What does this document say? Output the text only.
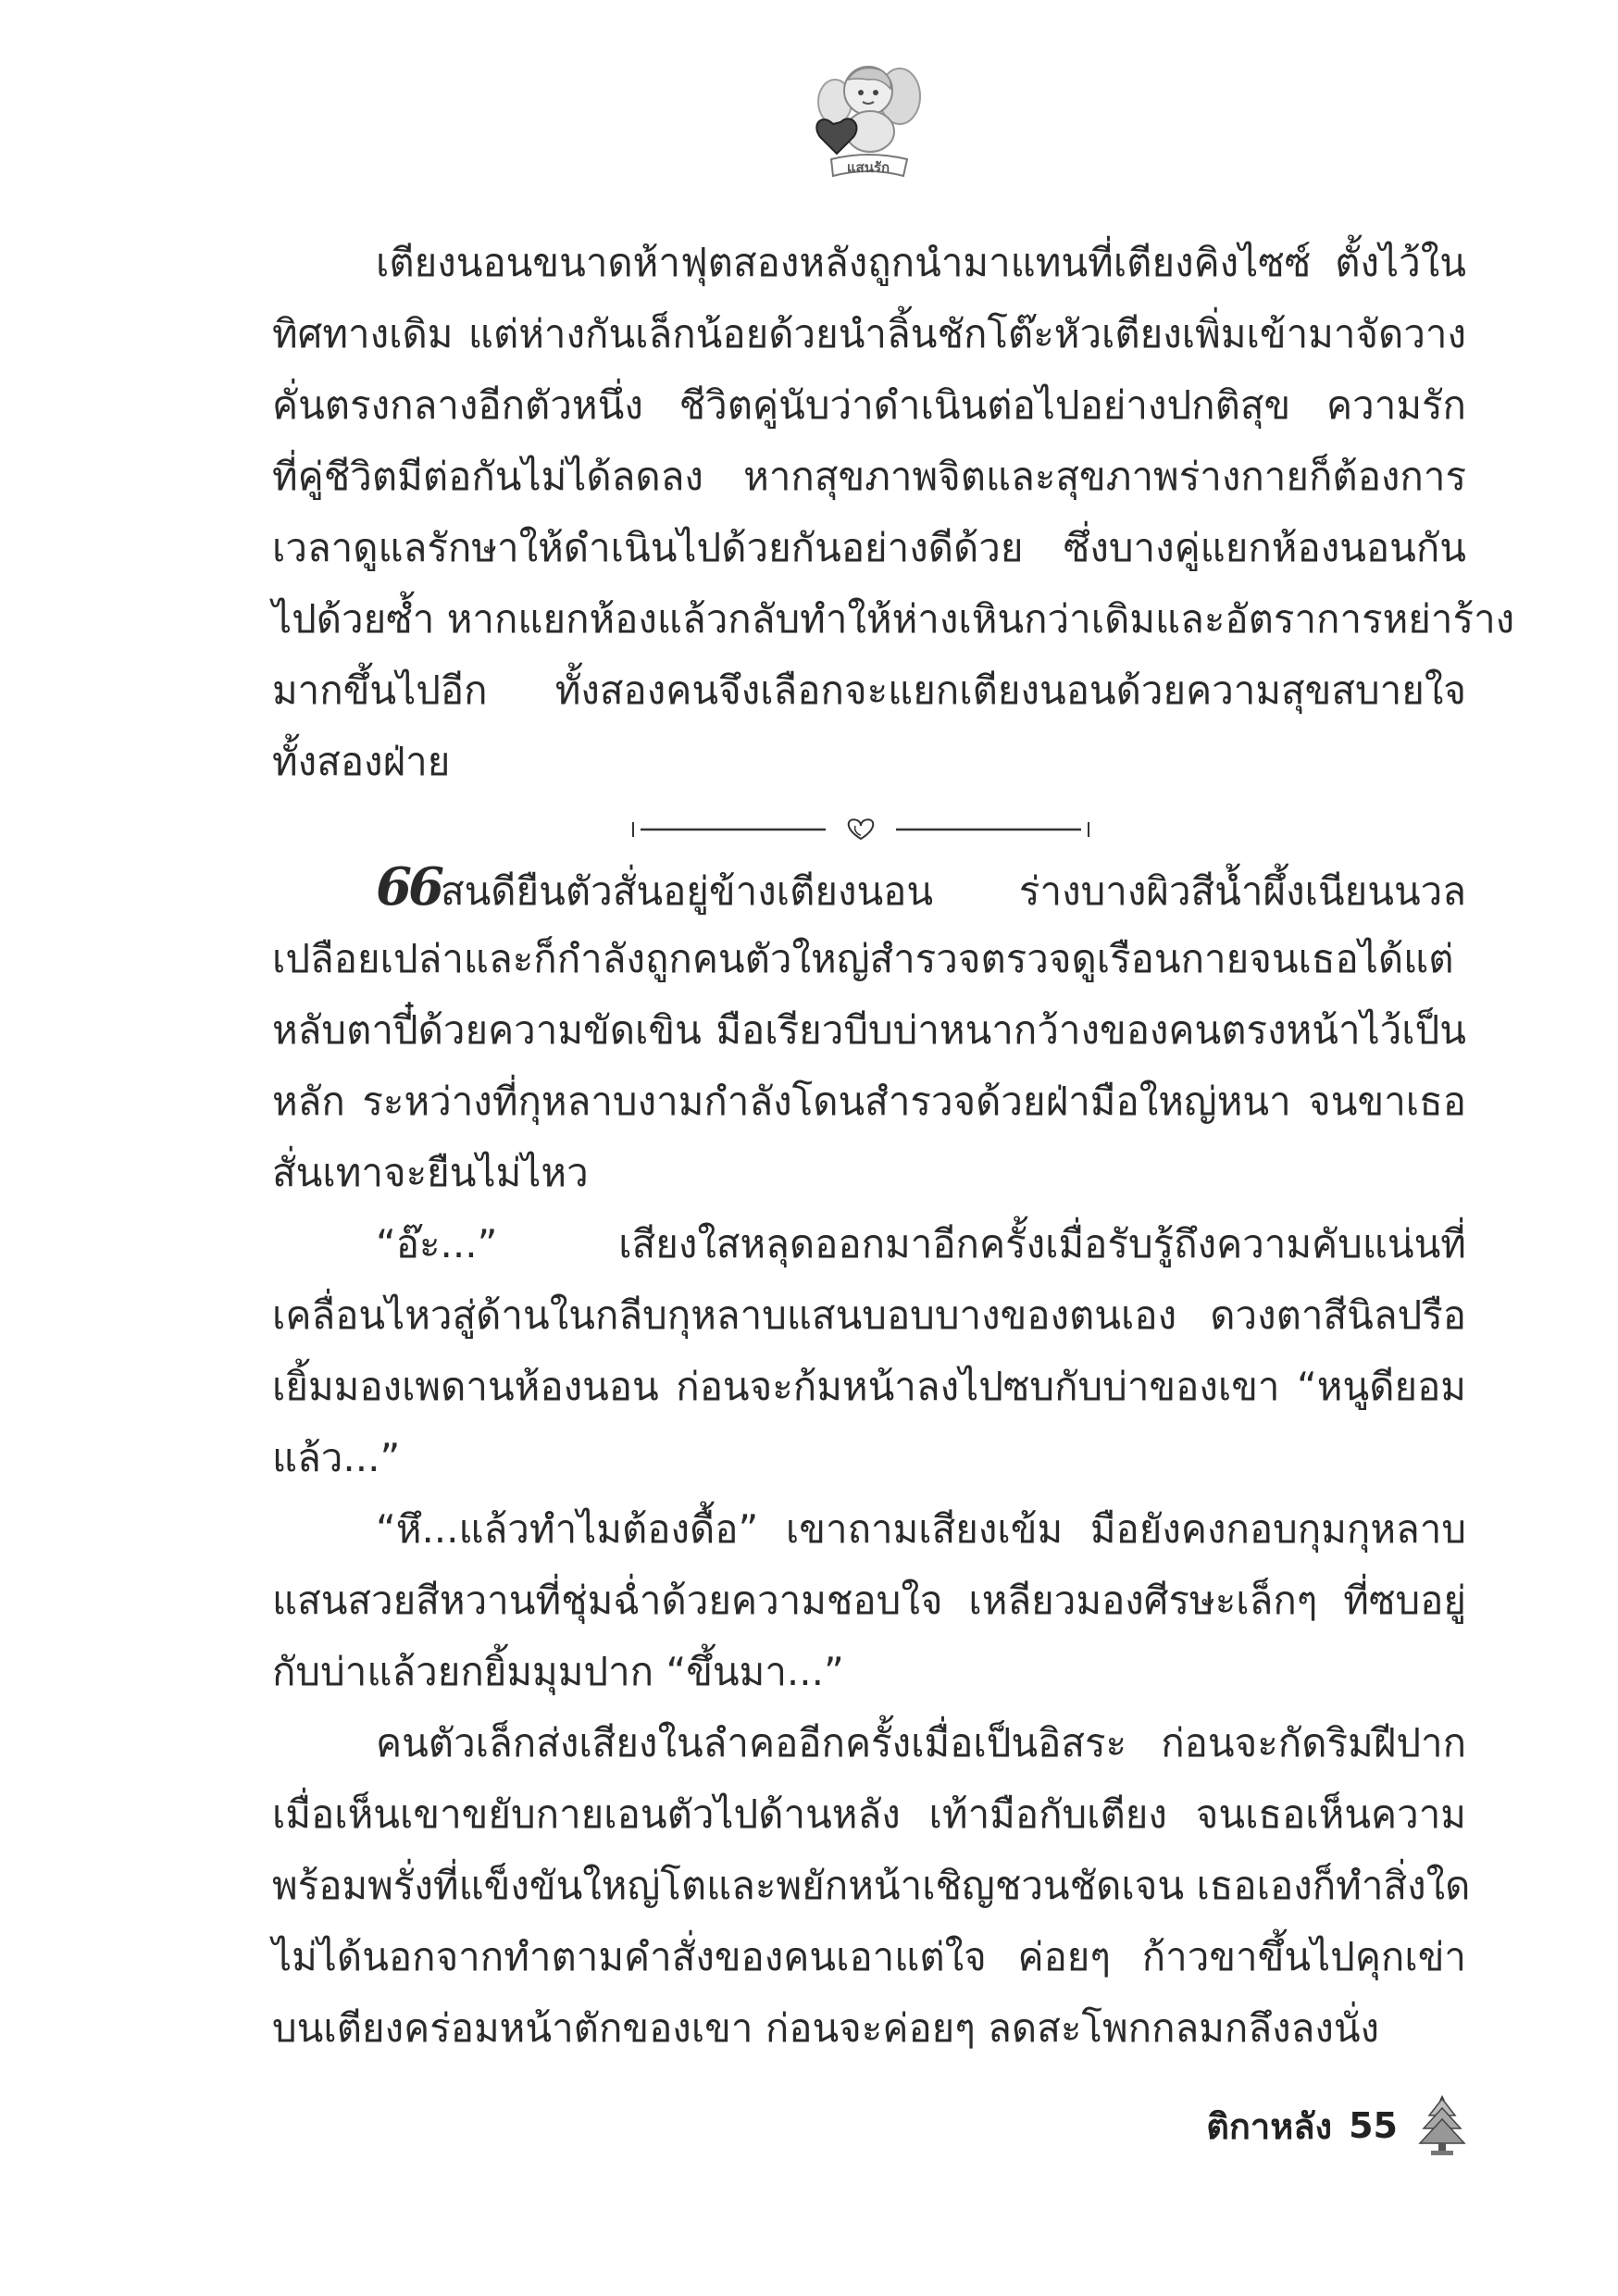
แสนรัก
เตียงนอนขนาดห้าฟุตสองหลังถูกนำมาแทนที่เตียงคิงไซซ์ ตั้งไว้ใน
ทิศทางเดิม แต่ห่างกันเล็กน้อยด้วยนำลิ้นชักโต๊ะหัวเตียงเพิ่มเข้ามาจัดวาง
คั่นตรงกลางอีกตัวหนึ่ง ชีวิตคู่นับว่าดำเนินต่อไปอย่างปกติสุข ความรัก
ที่คู่ชีวิตมีต่อกันไม่ได้ลดลง หากสุขภาพจิตและสุขภาพร่างกายก็ต้องการ
เวลาดูแลรักษาให้ดำเนินไปด้วยกันอย่างดีด้วย ซึ่งบางคู่แยกห้องนอนกัน
ไปด้วยซ้ำ หากแยกห้องแล้วกลับทำให้ห่างเหินกว่าเดิมและอัตราการหย่าร้าง
มากขึ้นไปอีก ทั้งสองคนจึงเลือกจะแยกเตียงนอนด้วยความสุขสบายใจ
ทั้งสองฝ่าย
66สนดียืนตัวสั่นอยู่ข้างเตียงนอน ร่างบางผิวสีน้ำผึ้งเนียนนวล
เปลือยเปล่าและก็กำลังถูกคนตัวใหญ่สำรวจตรวจดูเรือนกายจนเธอได้แต่
หลับตาปี๋ด้วยความขัดเขิน มือเรียวบีบบ่าหนากว้างของคนตรงหน้าไว้เป็น
หลัก ระหว่างที่กุหลาบงามกำลังโดนสำรวจด้วยฝ่ามือใหญ่หนา จนขาเธอ
สั่นเทาจะยืนไม่ไหว
“อ๊ะ...” เสียงใสหลุดออกมาอีกครั้งเมื่อรับรู้ถึงความคับแน่นที่
เคลื่อนไหวสู่ด้านในกลีบกุหลาบแสนบอบบางของตนเอง ดวงตาสีนิลปรือ
เยิ้มมองเพดานห้องนอน ก่อนจะก้มหน้าลงไปซบกับบ่าของเขา “หนูดียอม
แล้ว...”
“หึ...แล้วทำไมต้องดื้อ” เขาถามเสียงเข้ม มือยังคงกอบกุมกุหลาบ
แสนสวยสีหวานที่ชุ่มฉ่ำด้วยความชอบใจ เหลียวมองศีรษะเล็กๆ ที่ซบอยู่
กับบ่าแล้วยกยิ้มมุมปาก “ขึ้นมา...”
คนตัวเล็กส่งเสียงในลำคออีกครั้งเมื่อเป็นอิสระ ก่อนจะกัดริมฝีปาก
เมื่อเห็นเขาขยับกายเอนตัวไปด้านหลัง เท้ามือกับเตียง จนเธอเห็นความ
พร้อมพรั่งที่แข็งขันใหญ่โตและพยักหน้าเชิญชวนชัดเจน เธอเองก็ทำสิ่งใด
ไม่ได้นอกจากทำตามคำสั่งของคนเอาแต่ใจ ค่อยๆ ก้าวขาขึ้นไปคุกเข่า
บนเตียงคร่อมหน้าตักของเขา ก่อนจะค่อยๆ ลดสะโพกกลมกลึงลงนั่ง
ติกาหลัง 55
